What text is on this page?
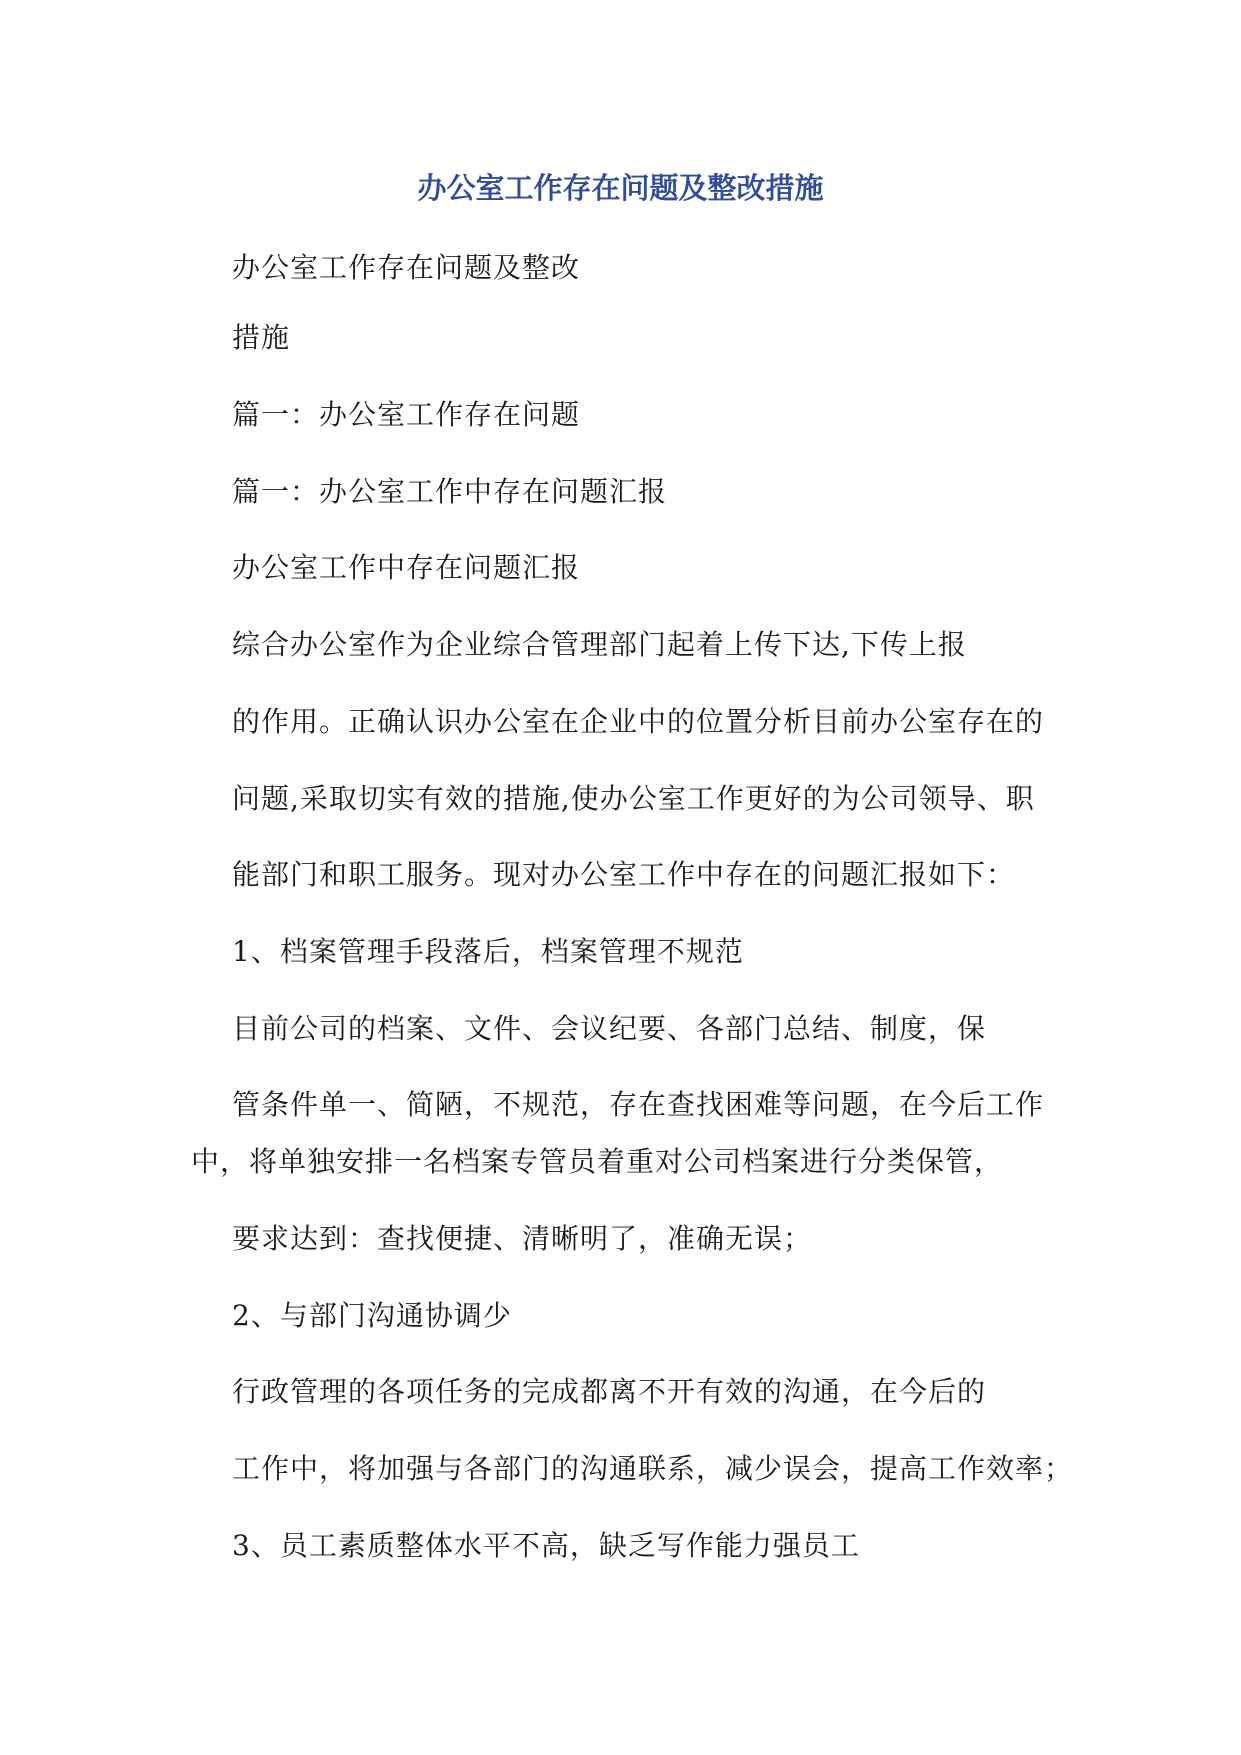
办公室工作存在问题及整改措施

办公室工作存在问题及整改

措施

篇一：办公室工作存在问题

篇一：办公室工作中存在问题汇报

办公室工作中存在问题汇报

综合办公室作为企业综合管理部门起着上传下达,下传上报

的作用。正确认识办公室在企业中的位置分析目前办公室存在的

问题,采取切实有效的措施,使办公室工作更好的为公司领导、职

能部门和职工服务。现对办公室工作中存在的问题汇报如下：

1、档案管理手段落后，档案管理不规范

目前公司的档案、文件、会议纪要、各部门总结、制度，保

管条件单一、简陋，不规范，存在查找困难等问题，在今后工作

中，将单独安排一名档案专管员着重对公司档案进行分类保管，

要求达到：查找便捷、清晰明了，准确无误；

2、与部门沟通协调少

行政管理的各项任务的完成都离不开有效的沟通，在今后的

工作中，将加强与各部门的沟通联系，减少误会，提高工作效率；

3、员工素质整体水平不高，缺乏写作能力强员工
